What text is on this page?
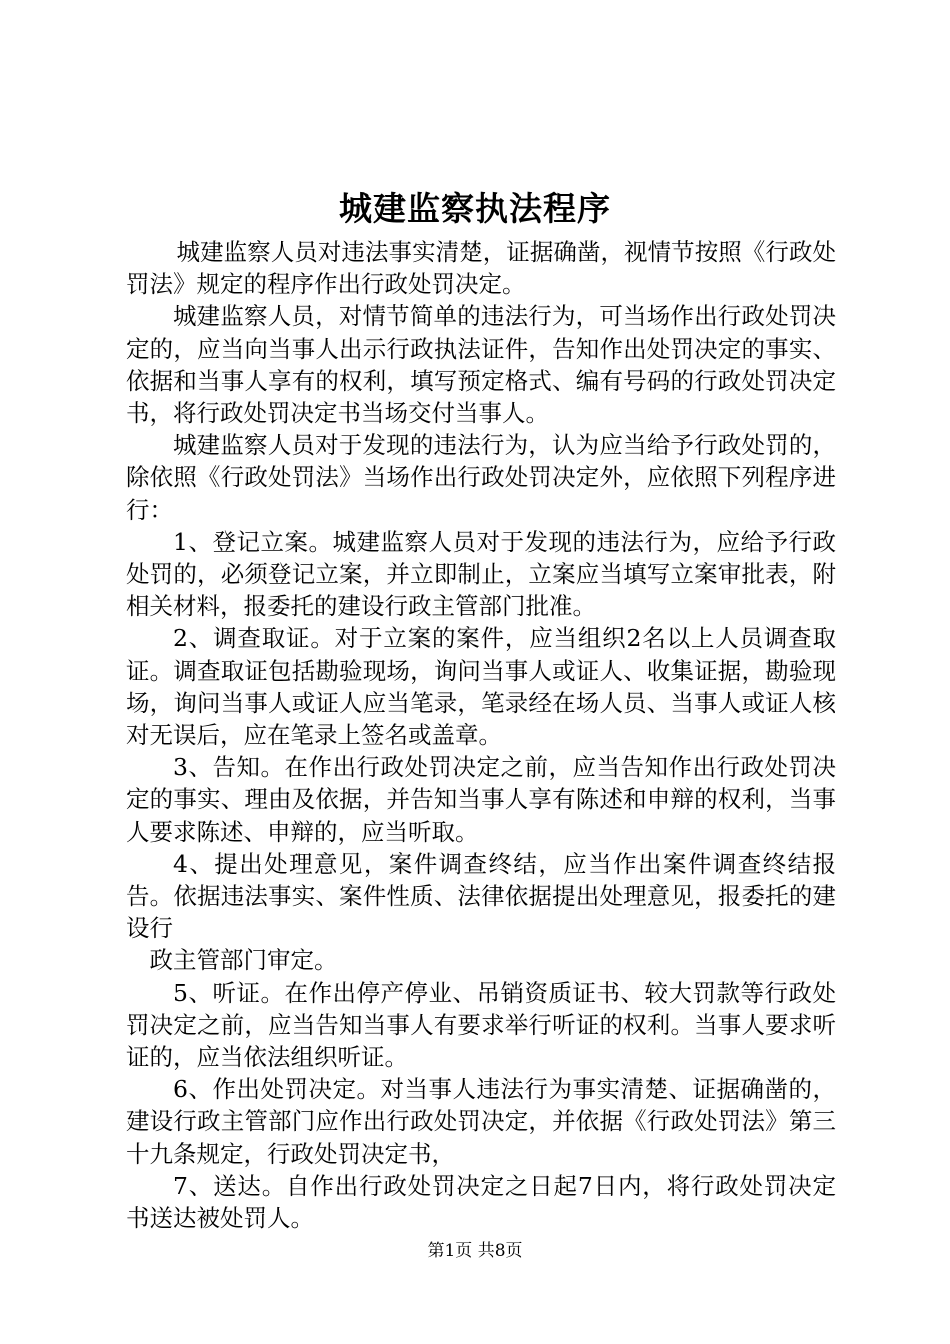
城建监察执法程序

城建监察人员对违法事实清楚，证据确凿，视情节按照《行政处罚法》规定的程序作出行政处罚决定。

城建监察人员，对情节简单的违法行为，可当场作出行政处罚决定的，应当向当事人出示行政执法证件，告知作出处罚决定的事实、依据和当事人享有的权利，填写预定格式、编有号码的行政处罚决定书，将行政处罚决定书当场交付当事人。

城建监察人员对于发现的违法行为，认为应当给予行政处罚的，除依照《行政处罚法》当场作出行政处罚决定外，应依照下列程序进行：

1、登记立案。城建监察人员对于发现的违法行为，应给予行政处罚的，必须登记立案，并立即制止，立案应当填写立案审批表，附相关材料，报委托的建设行政主管部门批准。

2、调查取证。对于立案的案件，应当组织2名以上人员调查取证。调查取证包括勘验现场，询问当事人或证人、收集证据，勘验现场，询问当事人或证人应当笔录，笔录经在场人员、当事人或证人核对无误后，应在笔录上签名或盖章。

3、告知。在作出行政处罚决定之前，应当告知作出行政处罚决定的事实、理由及依据，并告知当事人享有陈述和申辩的权利，当事人要求陈述、申辩的，应当听取。

4、提出处理意见，案件调查终结，应当作出案件调查终结报告。依据违法事实、案件性质、法律依据提出处理意见，报委托的建设行

政主管部门审定。

5、听证。在作出停产停业、吊销资质证书、较大罚款等行政处罚决定之前，应当告知当事人有要求举行听证的权利。当事人要求听证的，应当依法组织听证。

6、作出处罚决定。对当事人违法行为事实清楚、证据确凿的，建设行政主管部门应作出行政处罚决定，并依据《行政处罚法》第三十九条规定，行政处罚决定书，

7、送达。自作出行政处罚决定之日起7日内，将行政处罚决定书送达被处罚人。

第1页 共8页
